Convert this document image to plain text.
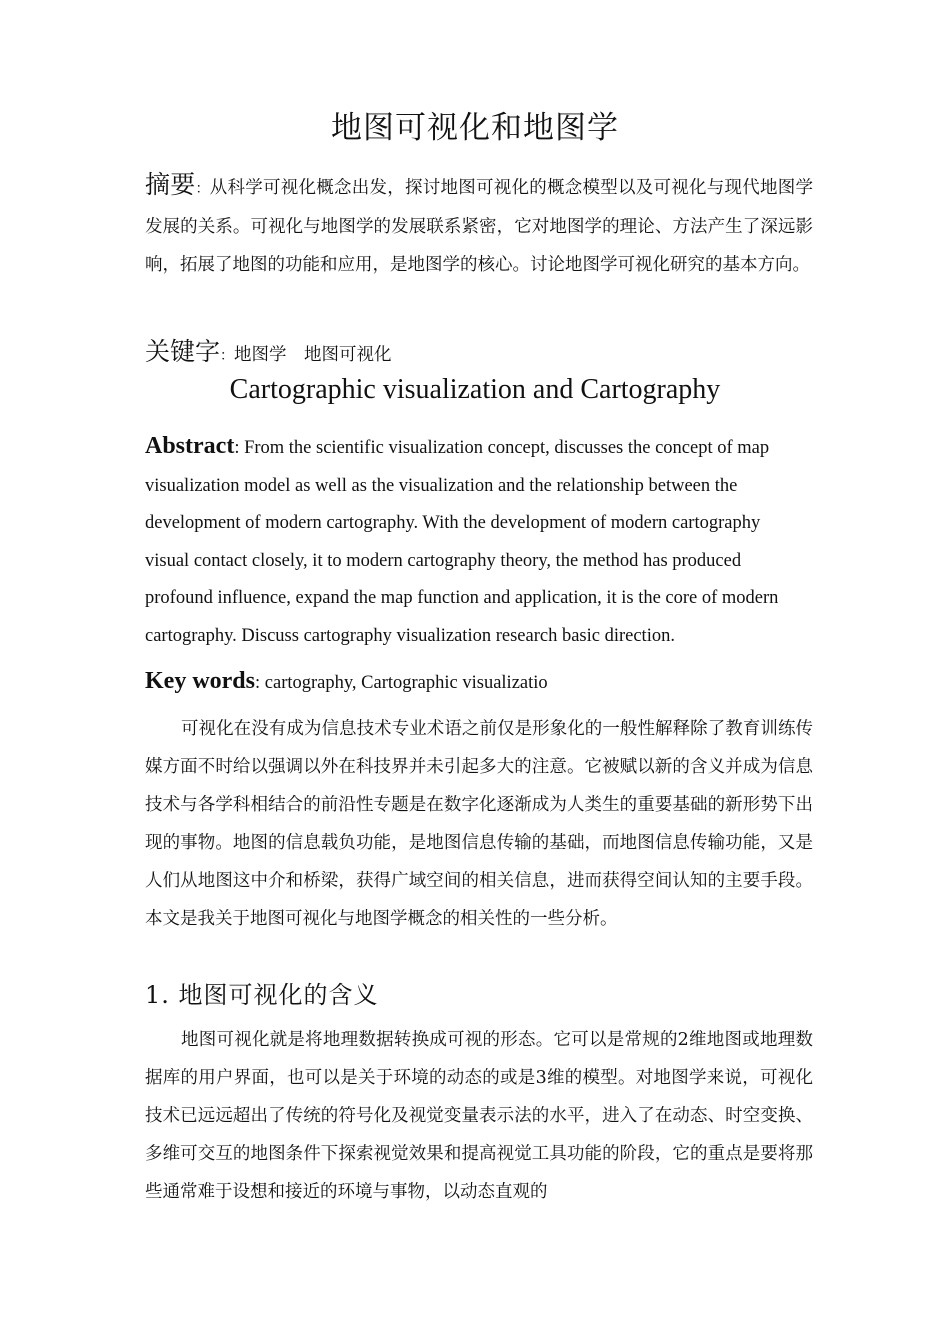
地图可视化和地图学
摘要：从科学可视化概念出发，探讨地图可视化的概念模型以及可视化与现代地图学发展的关系。可视化与地图学的发展联系紧密，它对地图学的理论、方法产生了深远影响，拓展了地图的功能和应用，是地图学的核心。讨论地图学可视化研究的基本方向。
关键字：地图学　地图可视化
Cartographic visualization and Cartography
Abstract: From the scientific visualization concept, discusses the concept of map visualization model as well as the visualization and the relationship between the development of modern cartography. With the development of modern cartography visual contact closely, it to modern cartography theory, the method has produced profound influence, expand the map function and application, it is the core of modern cartography. Discuss cartography visualization research basic direction.
Key words: cartography, Cartographic visualizatio
可视化在没有成为信息技术专业术语之前仅是形象化的一般性解释除了教育训练传媒方面不时给以强调以外在科技界并未引起多大的注意。它被赋以新的含义并成为信息技术与各学科相结合的前沿性专题是在数字化逐渐成为人类生的重要基础的新形势下出现的事物。地图的信息载负功能，是地图信息传输的基础，而地图信息传输功能，又是人们从地图这中介和桥梁，获得广域空间的相关信息，进而获得空间认知的主要手段。本文是我关于地图可视化与地图学概念的相关性的一些分析。
1. 地图可视化的含义
地图可视化就是将地理数据转换成可视的形态。它可以是常规的2维地图或地理数据库的用户界面，也可以是关于环境的动态的或是3维的模型。对地图学来说，可视化技术已远远超出了传统的符号化及视觉变量表示法的水平，进入了在动态、时空变换、多维可交互的地图条件下探索视觉效果和提高视觉工具功能的阶段，它的重点是要将那些通常难于设想和接近的环境与事物，以动态直观的
